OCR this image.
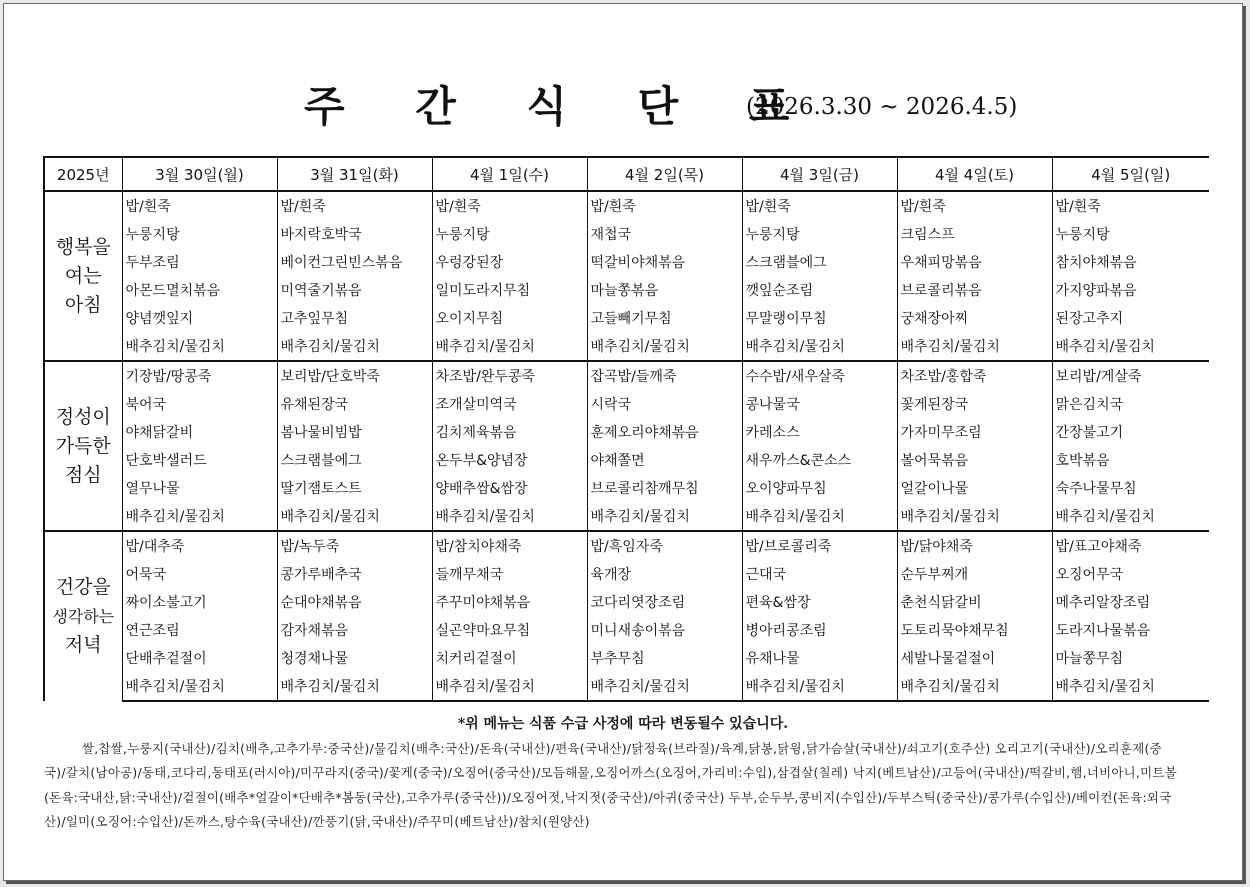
주 간 식 단 표
(2026.3.30 ~ 2026.4.5)
2025년	3월 30일(월)	3월 31일(화)	4월 1일(수)	4월 2일(목)	4월 3일(금)	4월 4일(토)	4월 5일(일)

행복을
여는
아침	밥/흰죽	밥/흰죽	밥/흰죽	밥/흰죽	밥/흰죽	밥/흰죽	밥/흰죽
	누룽지탕	바지락호박국	누룽지탕	재첩국	누룽지탕	크림스프	누룽지탕
	두부조림	베이컨그린빈스볶음	우렁강된장	떡갈비야채볶음	스크램블에그	우채피망볶음	참치야채볶음
	아몬드멸치볶음	미역줄기볶음	일미도라지무침	마늘쫑볶음	깻잎순조림	브로콜리볶음	가지양파볶음
	양념깻잎지	고추잎무침	오이지무침	고들빼기무침	무말랭이무침	궁채장아찌	된장고추지
	배추김치/물김치	배추김치/물김치	배추김치/물김치	배추김치/물김치	배추김치/물김치	배추김치/물김치	배추김치/물김치

정성이
가득한
점심	기장밥/땅콩죽	보리밥/단호박죽	차조밥/완두콩죽	잡곡밥/들깨죽	수수밥/새우살죽	차조밥/홍합죽	보리밥/게살죽
	북어국	유채된장국	조개살미역국	시락국	콩나물국	꽃게된장국	맑은김치국
	야채닭갈비	봄나물비빔밥	김치제육볶음	훈제오리야채볶음	카레소스	가자미무조림	간장불고기
	단호박샐러드	스크램블에그	온두부&양념장	야채쫄면	새우까스&콘소스	볼어묵볶음	호박볶음
	열무나물	딸기잼토스트	양배추쌈&쌈장	브로콜리참깨무침	오이양파무침	얼갈이나물	숙주나물무침
	배추김치/물김치	배추김치/물김치	배추김치/물김치	배추김치/물김치	배추김치/물김치	배추김치/물김치	배추김치/물김치

건강을
생각하는
저녁	밥/대추죽	밥/녹두죽	밥/참치야채죽	밥/흑임자죽	밥/브로콜리죽	밥/닭야채죽	밥/표고야채죽
	어묵국	콩가루배추국	들깨무채국	육개장	근대국	순두부찌개	오징어무국
	짜이소불고기	순대야채볶음	주꾸미야채볶음	코다리엿장조림	편육&쌈장	춘천식닭갈비	메추리알장조림
	연근조림	감자채볶음	실곤약마요무침	미니새송이볶음	병아리콩조림	도토리묵야채무침	도라지나물볶음
	단배추겉절이	청경채나물	치커리겉절이	부추무침	유채나물	세발나물겉절이	마늘쫑무침
	배추김치/물김치	배추김치/물김치	배추김치/물김치	배추김치/물김치	배추김치/물김치	배추김치/물김치	배추김치/물김치
*위 메뉴는 식품 수급 사정에 따라 변동될수 있습니다.
쌀,찹쌀,누룽지(국내산)/김치(배추,고추가루:중국산)/물김치(배추:국산)/돈육(국내산)/편육(국내산)/닭정육(브라질)/육계,닭봉,닭윙,닭가슴살(국내산)/쇠고기(호주산) 오리고기(국내산)/오리훈제(중국)/갈치(남아공)/동태,코다리,동태포(러시아)/미꾸라지(중국)/꽃게(중국)/오징어(중국산)/모듬해물,오징어까스(오징어,가리비:수입),삼겹살(칠레) 낙지(베트남산)/고등어(국내산)/떡갈비,햄,너비아니,미트볼(돈육:국내산,닭:국내산)/겉절이(배추*얼갈이*단배추*봄동(국산),고추가루(중국산))/오징어젓,낙지젓(중국산)/아귀(중국산) 두부,순두부,콩비지(수입산)/두부스틱(중국산)/콩가루(수입산)/베이컨(돈육:외국산)/일미(오징어:수입산)/돈까스,탕수육(국내산)/깐풍기(닭,국내산)/주꾸미(베트남산)/참치(원양산)
